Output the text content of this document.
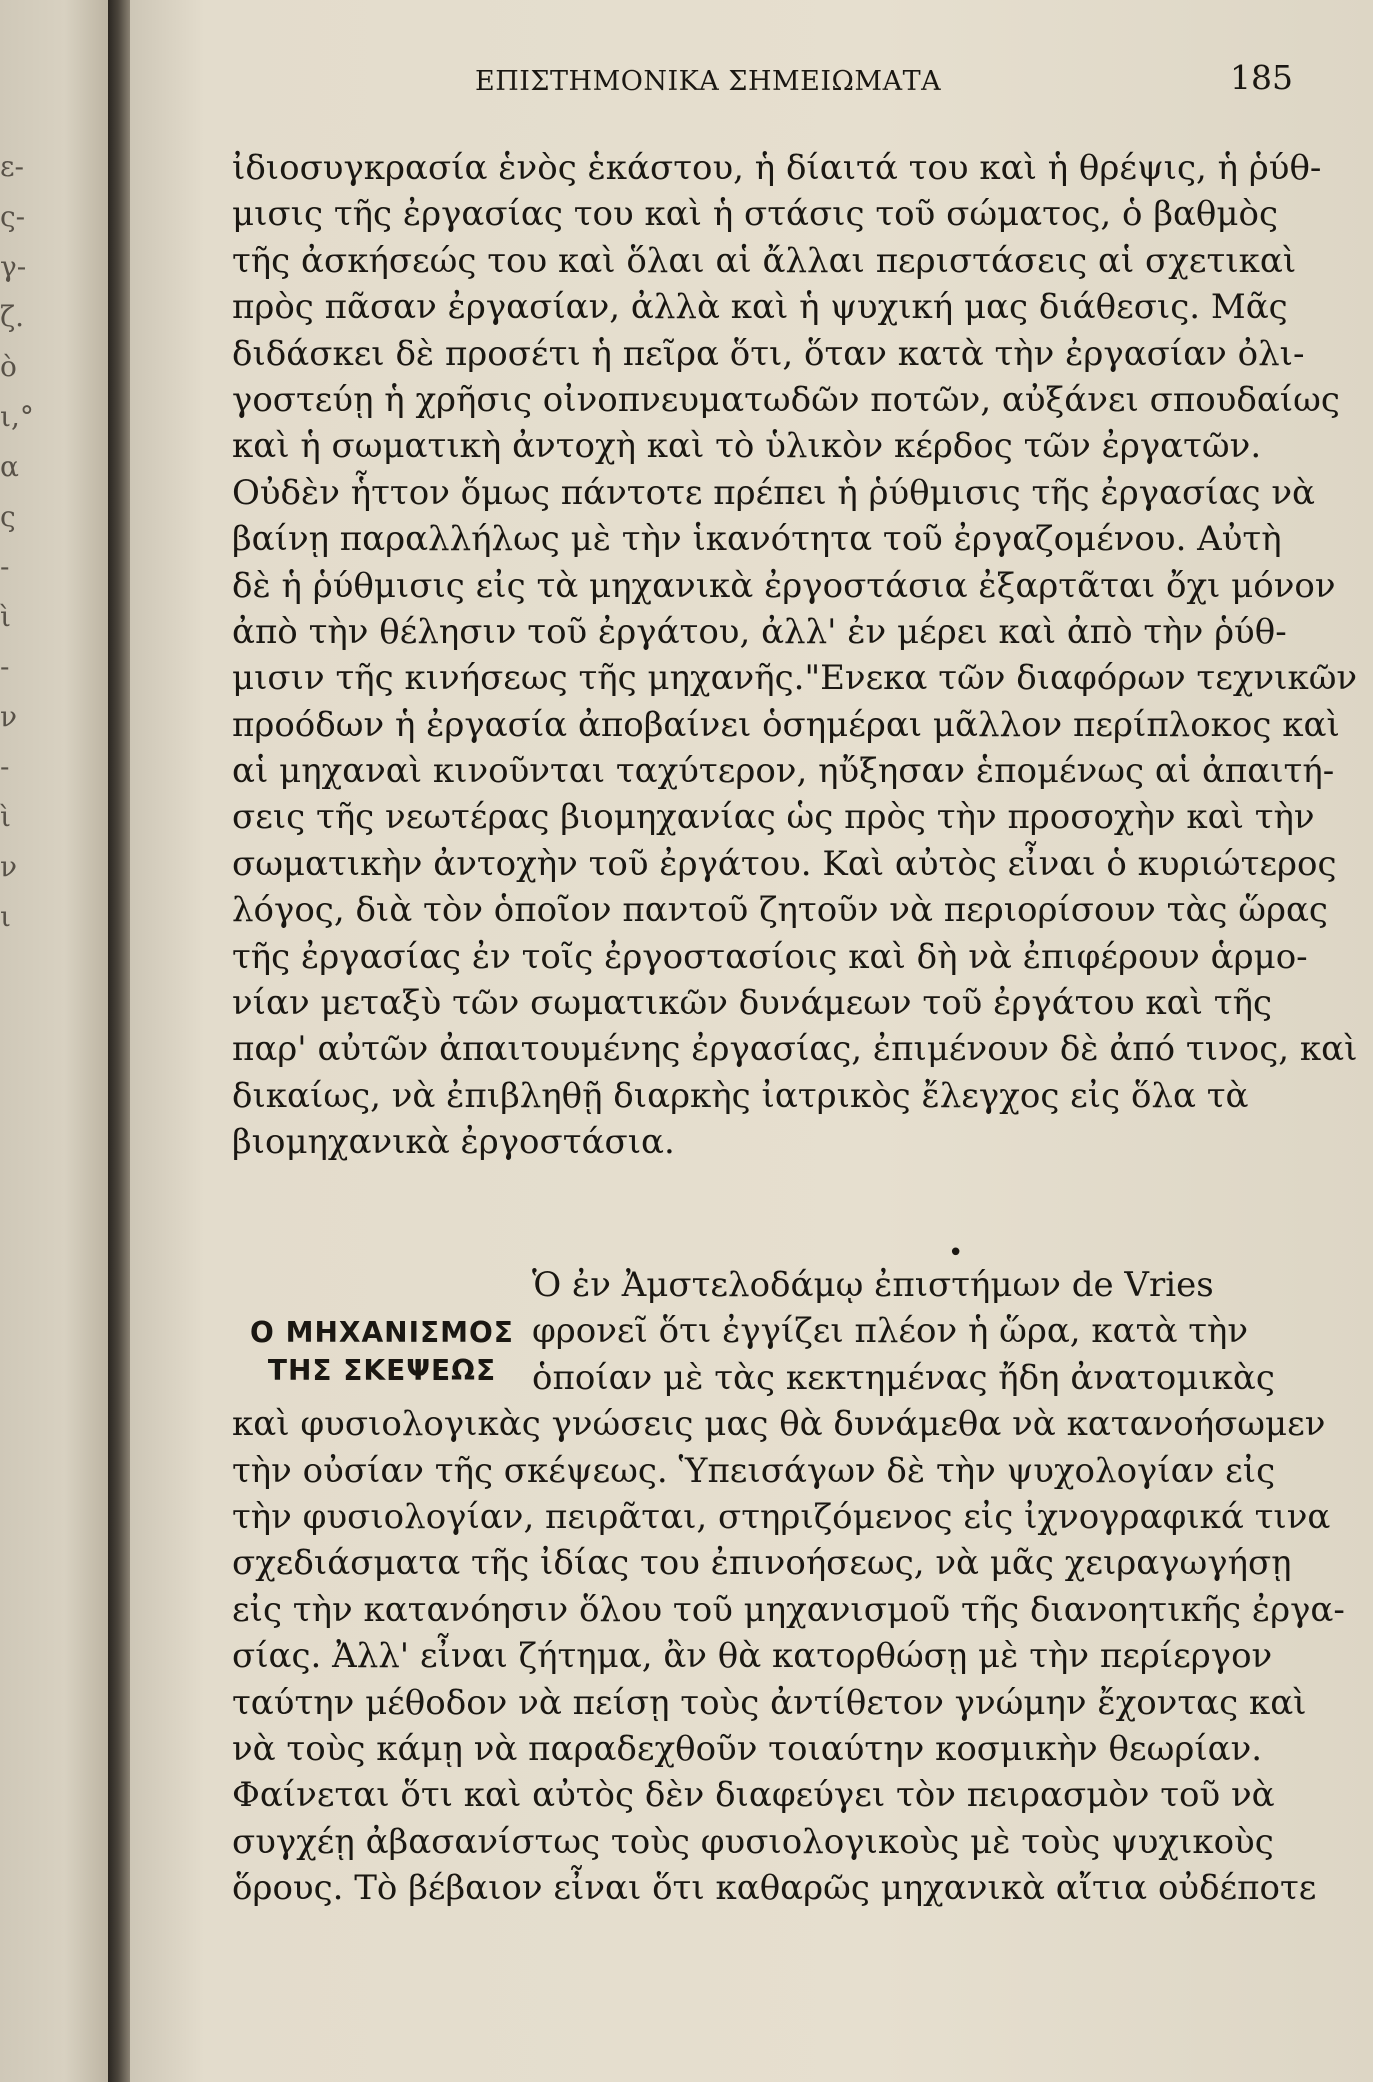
ε-
ς-
γ-
ζ.
ὸ
ι,°
α
ς
-
ὶ
-
ν
-
ὶ
ν
ι
ΕΠΙΣΤΗΜΟΝΙΚΑ ΣΗΜΕΙΩΜΑΤΑ	185
ἰδιοσυγκρασία ἑνὸς ἑκάστου, ἡ δίαιτά του καὶ ἡ θρέψις, ἡ ῥύθ-
μισις τῆς ἐργασίας του καὶ ἡ στάσις τοῦ σώματος, ὁ βαθμὸς
τῆς ἀσκήσεώς του καὶ ὅλαι αἱ ἄλλαι περιστάσεις αἱ σχετικαὶ
πρὸς πᾶσαν ἐργασίαν, ἀλλὰ καὶ ἡ ψυχική μας διάθεσις. Μᾶς
διδάσκει δὲ προσέτι ἡ πεῖρα ὅτι, ὅταν κατὰ τὴν ἐργασίαν ὀλι-
γοστεύῃ ἡ χρῆσις οἰνοπνευματωδῶν ποτῶν, αὐξάνει σπουδαίως
καὶ ἡ σωματικὴ ἀντοχὴ καὶ τὸ ὑλικὸν κέρδος τῶν ἐργατῶν.
Οὐδὲν ἧττον ὅμως πάντοτε πρέπει ἡ ῥύθμισις τῆς ἐργασίας νὰ
βαίνῃ παραλλήλως μὲ τὴν ἱκανότητα τοῦ ἐργαζομένου. Αὐτὴ
δὲ ἡ ῥύθμισις εἰς τὰ μηχανικὰ ἐργοστάσια ἐξαρτᾶται ὄχι μόνον
ἀπὸ τὴν θέλησιν τοῦ ἐργάτου, ἀλλ' ἐν μέρει καὶ ἀπὸ τὴν ῥύθ-
μισιν τῆς κινήσεως τῆς μηχανῆς."Ενεκα τῶν διαφόρων τεχνικῶν
προόδων ἡ ἐργασία ἀποβαίνει ὁσημέραι μᾶλλον περίπλοκος καὶ
αἱ μηχαναὶ κινοῦνται ταχύτερον, ηὔξησαν ἑπομένως αἱ ἀπαιτή-
σεις τῆς νεωτέρας βιομηχανίας ὡς πρὸς τὴν προσοχὴν καὶ τὴν
σωματικὴν ἀντοχὴν τοῦ ἐργάτου. Καὶ αὐτὸς εἶναι ὁ κυριώτερος
λόγος, διὰ τὸν ὁποῖον παντοῦ ζητοῦν νὰ περιορίσουν τὰς ὥρας
τῆς ἐργασίας ἐν τοῖς ἐργοστασίοις καὶ δὴ νὰ ἐπιφέρουν ἁρμο-
νίαν μεταξὺ τῶν σωματικῶν δυνάμεων τοῦ ἐργάτου καὶ τῆς
παρ' αὐτῶν ἀπαιτουμένης ἐργασίας, ἐπιμένουν δὲ ἀπό τινος, καὶ
δικαίως, νὰ ἐπιβληθῇ διαρκὴς ἰατρικὸς ἔλεγχος εἰς ὅλα τὰ
βιομηχανικὰ ἐργοστάσια.
•
Ο ΜΗΧΑΝΙΣΜΟΣ
ΤΗΣ ΣΚΕΨΕΩΣ
Ὁ ἐν Ἀμστελοδάμῳ ἐπιστήμων de Vries
φρονεῖ ὅτι ἐγγίζει πλέον ἡ ὥρα, κατὰ τὴν
ὁποίαν μὲ τὰς κεκτημένας ἤδη ἀνατομικὰς
καὶ φυσιολογικὰς γνώσεις μας θὰ δυνάμεθα νὰ κατανοήσωμεν
τὴν οὐσίαν τῆς σκέψεως. Ὑπεισάγων δὲ τὴν ψυχολογίαν εἰς
τὴν φυσιολογίαν, πειρᾶται, στηριζόμενος εἰς ἰχνογραφικά τινα
σχεδιάσματα τῆς ἰδίας του ἐπινοήσεως, νὰ μᾶς χειραγωγήσῃ
εἰς τὴν κατανόησιν ὅλου τοῦ μηχανισμοῦ τῆς διανοητικῆς ἐργα-
σίας. Ἀλλ' εἶναι ζήτημα, ἂν θὰ κατορθώσῃ μὲ τὴν περίεργον
ταύτην μέθοδον νὰ πείσῃ τοὺς ἀντίθετον γνώμην ἔχοντας καὶ
νὰ τοὺς κάμῃ νὰ παραδεχθοῦν τοιαύτην κοσμικὴν θεωρίαν.
Φαίνεται ὅτι καὶ αὐτὸς δὲν διαφεύγει τὸν πειρασμὸν τοῦ νὰ
συγχέῃ ἀβασανίστως τοὺς φυσιολογικοὺς μὲ τοὺς ψυχικοὺς
ὅρους. Τὸ βέβαιον εἶναι ὅτι καθαρῶς μηχανικὰ αἴτια οὐδέποτε
